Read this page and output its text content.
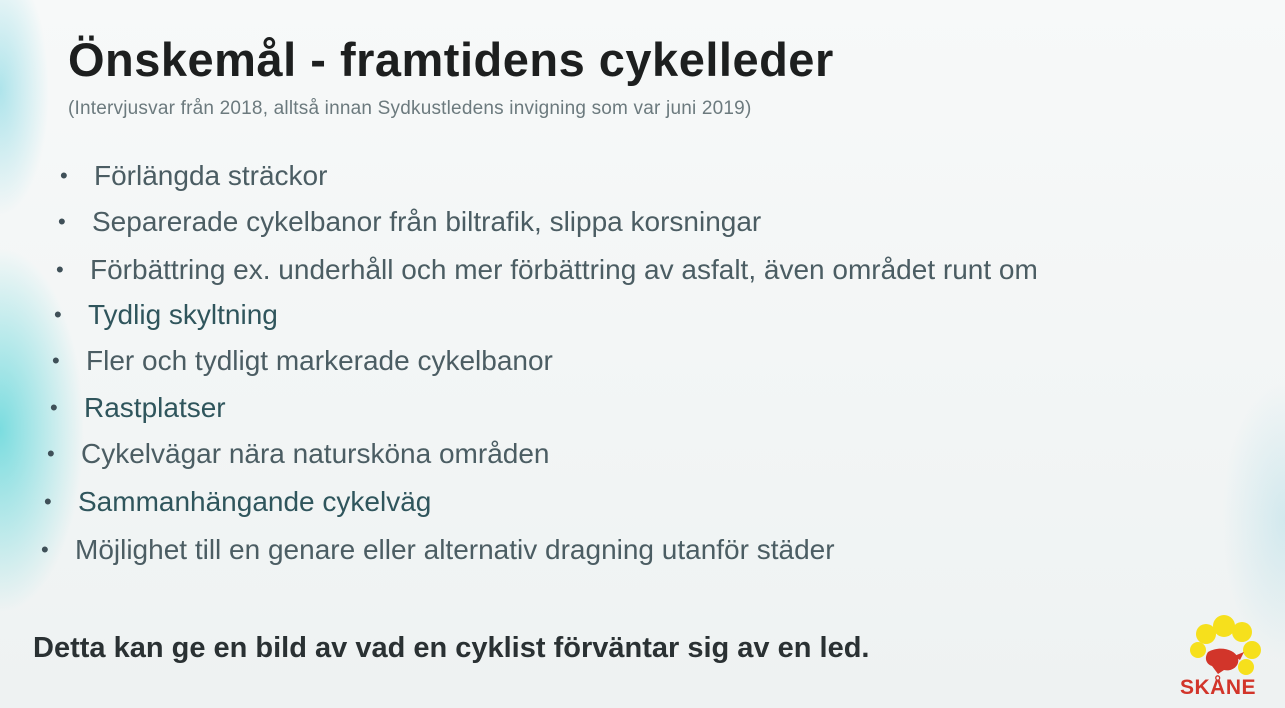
Önskemål - framtidens cykelleder
(Intervjusvar från 2018, alltså innan Sydkustledens invigning som var juni 2019)
• Förlängda sträckor
• Separerade cykelbanor från biltrafik, slippa korsningar
• Förbättring ex. underhåll och mer förbättring av asfalt, även området runt om
• Tydlig skyltning
• Fler och tydligt markerade cykelbanor
• Rastplatser
• Cykelvägar nära natursköna områden
• Sammanhängande cykelväg
• Möjlighet till en genare eller alternativ dragning utanför städer
Detta kan ge en bild av vad en cyklist förväntar sig av en led.
SKÅNE
